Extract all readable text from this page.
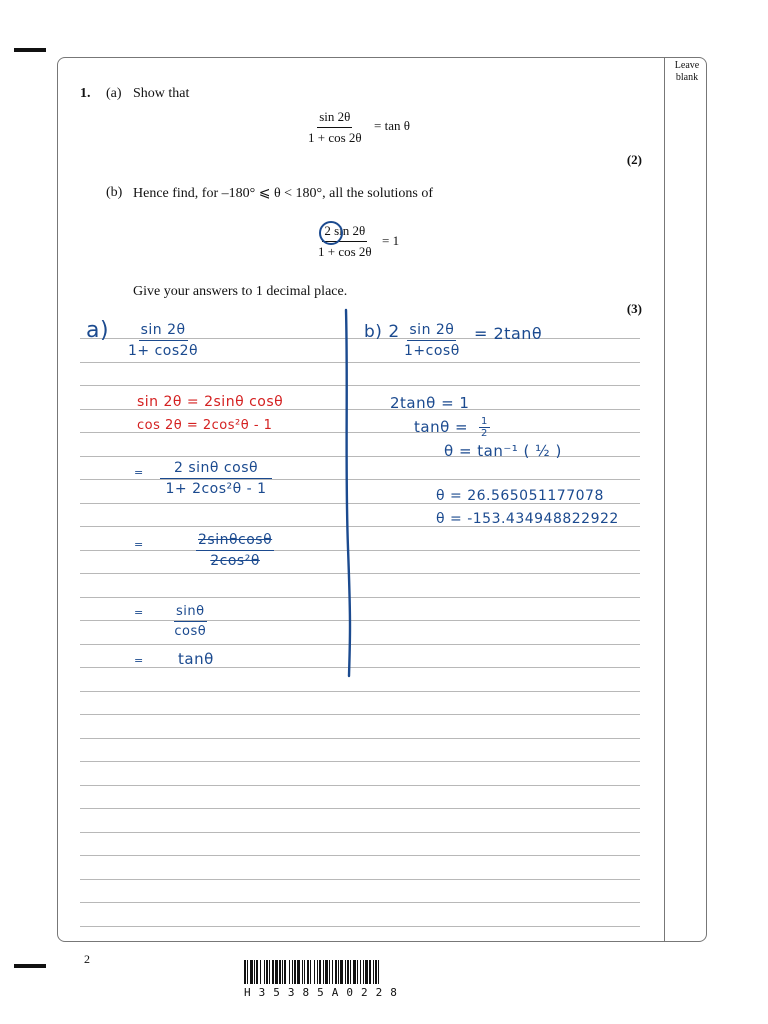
Leave blank
1. (a) Show that
$\frac{\sin 2\theta}{1 + \cos 2\theta} = \tan \theta$
(2)
(b) Hence find, for –180° ⩽ θ < 180°, all the solutions of
$\frac{2 \sin 2\theta}{1 + \cos 2\theta} = 1$
Give your answers to 1 decimal place.
(3)
$a) \frac{\sin 2\theta}{1+ \cos 2\theta}$
sin 2θ = 2sinθ cosθ
cos 2θ = 2cos²θ - 1
= $\frac{\text{2 sinθ cosθ}}{\text{1+ 2cos²θ - 1}}$
=	$\frac{2\sin\theta\cos\theta}{\text{2cos²θ}}$
= $\frac{\sin\theta}{\cos\theta}$
= tanθ
b) $2 \frac{\sin 2\theta}{1+\cos\theta} = 2\tan\theta$
2tanθ = 1
$\tan\theta = \frac{1}{2}$
θ = tan⁻¹ ( ½ )
θ = 26.565051177078
θ = -153.434948822922
2
H35385A0228
